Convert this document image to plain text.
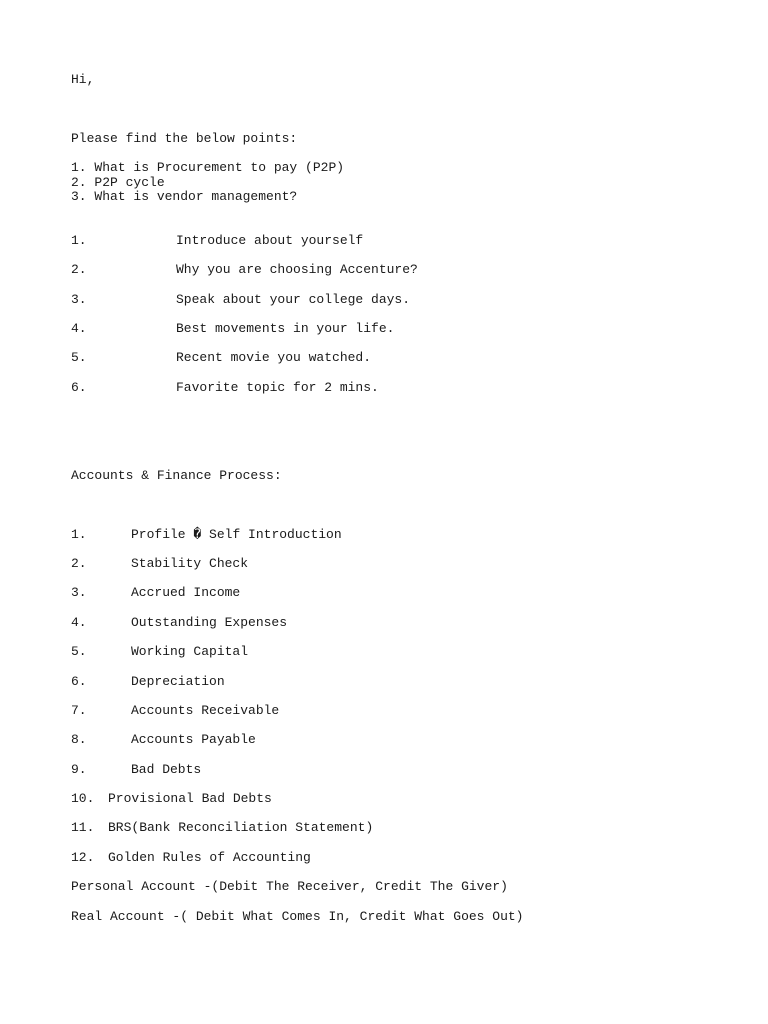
Hi,
Please find the below points:
1. What is Procurement to pay (P2P)
2. P2P cycle
3. What is vendor management?
1.	Introduce about yourself
2.	Why you are choosing Accenture?
3.	Speak about your college days.
4.	Best movements in your life.
5.	Recent movie you watched.
6.	Favorite topic for 2 mins.
Accounts & Finance Process:
1.	Profile � Self Introduction
2.	Stability Check
3.	Accrued Income
4.	Outstanding Expenses
5.	Working Capital
6.	Depreciation
7.	Accounts Receivable
8.	Accounts Payable
9.	Bad Debts
10. Provisional Bad Debts
11. BRS(Bank Reconciliation Statement)
12. Golden Rules of Accounting
Personal Account -(Debit The Receiver, Credit The Giver)
Real Account -( Debit What Comes In, Credit What Goes Out)
